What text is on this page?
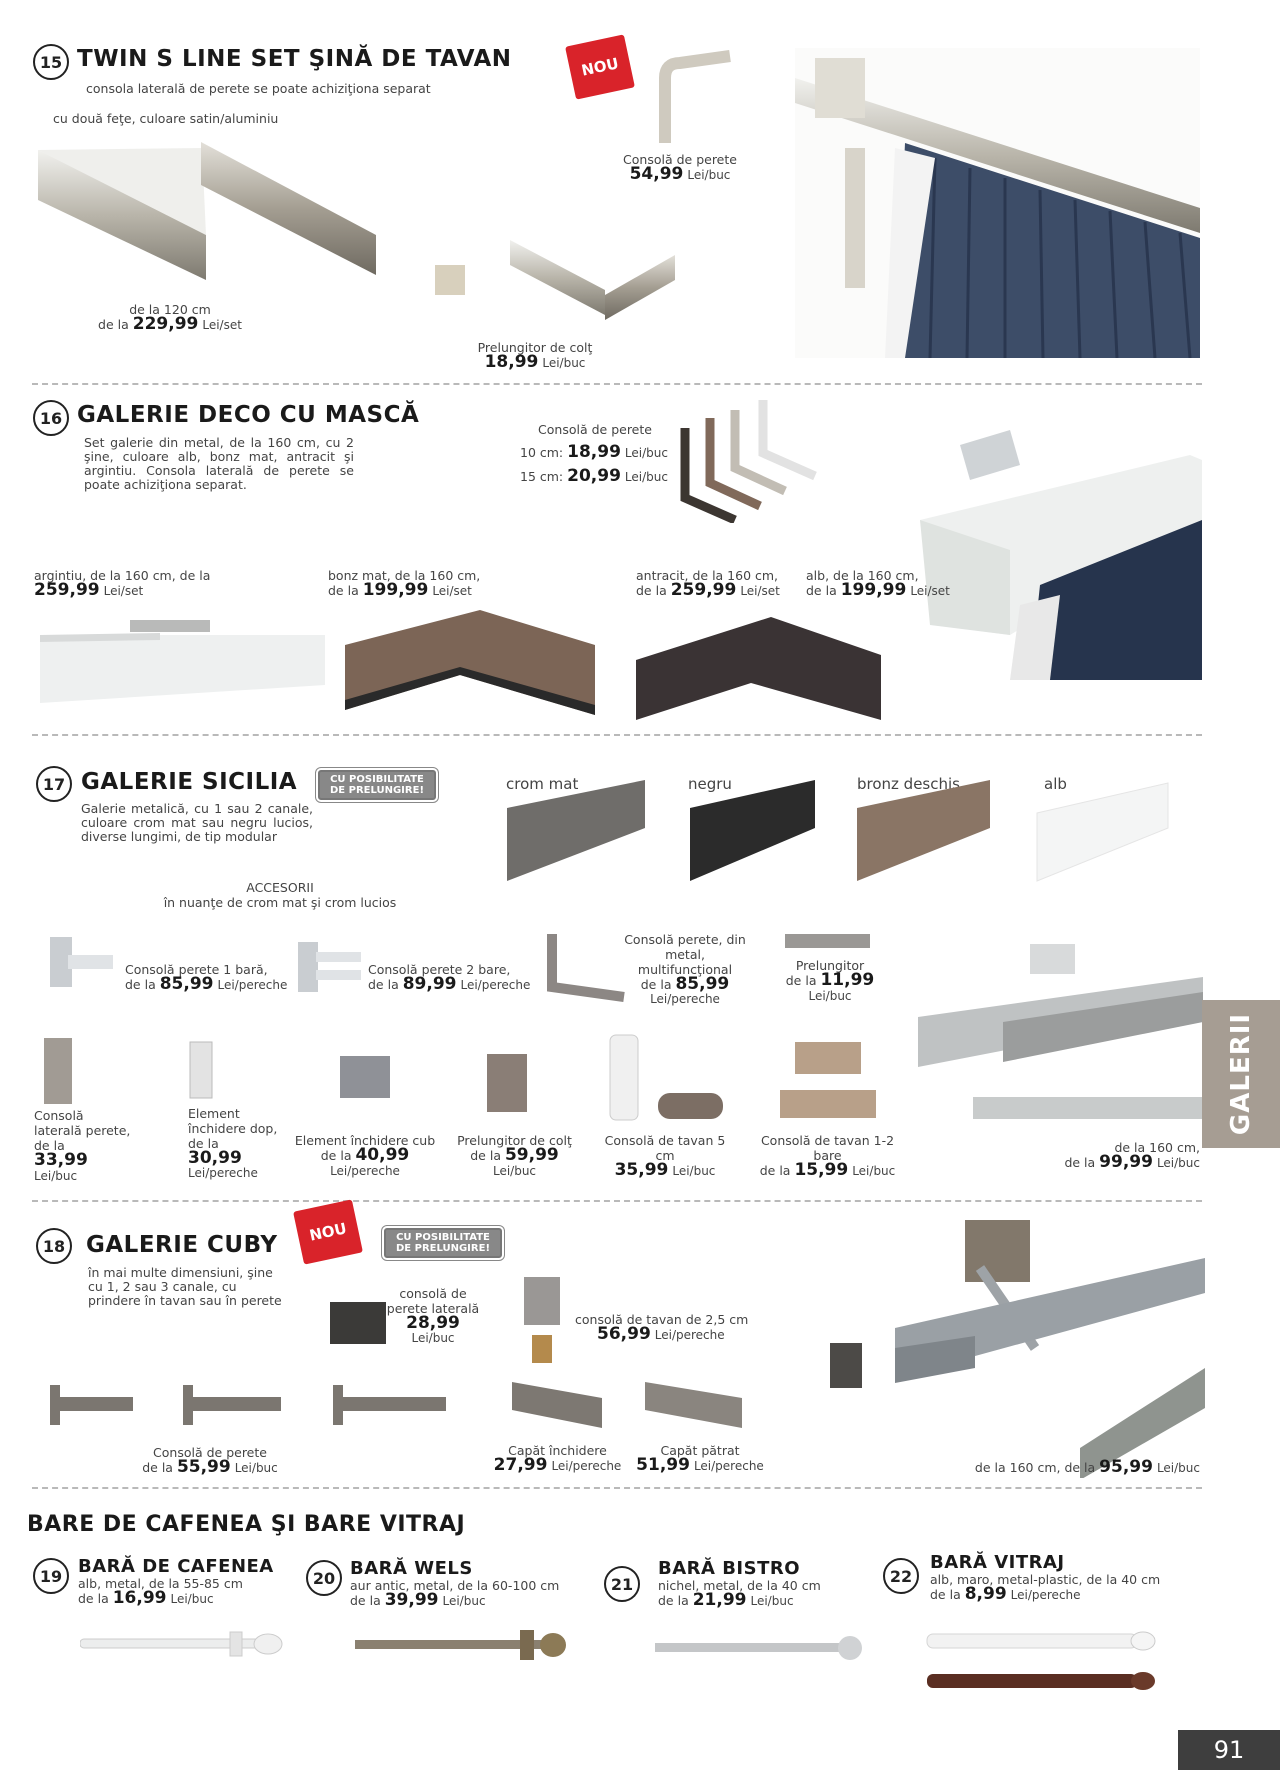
15 TWIN S LINE SET ŞINĂ DE TAVAN
consola laterală de perete se poate achiziţiona separat
cu două feţe, culoare satin/aluminiu
NOU
de la 120 cm
de la 229,99 Lei/set
Consolă de perete
54,99 Lei/buc
Prelungitor de colţ
18,99 Lei/buc
16 GALERIE DECO CU MASCĂ
Set galerie din metal, de la 160 cm, cu 2 şine, culoare alb, bonz mat, antracit şi argintiu. Consola laterală de perete se poate achiziţiona separat.
Consolă de perete
10 cm: 18,99 Lei/buc
15 cm: 20,99 Lei/buc
argintiu, de la 160 cm, de la
259,99 Lei/set
bonz mat, de la 160 cm,
de la 199,99 Lei/set
antracit, de la 160 cm,
de la 259,99 Lei/set
alb, de la 160 cm,
de la 199,99 Lei/set
17 GALERIE SICILIA	CU POSIBILITATE DE PRELUNGIRE!
Galerie metalică, cu 1 sau 2 canale, culoare crom mat sau negru lucios, diverse lungimi, de tip modular
crom mat	negru	bronz deschis	alb
ACCESORII
în nuanţe de crom mat şi crom lucios
Consolă perete 1 bară,
de la 85,99 Lei/pereche
Consolă perete 2 bare,
de la 89,99 Lei/pereche
Consolă perete, din metal, multifuncţional
de la 85,99
Lei/pereche
Prelungitor
de la 11,99 Lei/buc
Consolă laterală perete, de la
33,99 Lei/buc
Element închidere dop, de la
30,99
Lei/pereche
Element închidere cub
de la 40,99 Lei/pereche
Prelungitor de colţ
de la 59,99 Lei/buc
Consolă de tavan 5 cm
35,99 Lei/buc
Consolă de tavan 1-2 bare
de la 15,99 Lei/buc
de la 160 cm,
de la 99,99 Lei/buc
GALERII
NOU
18 GALERIE CUBY	CU POSIBILITATE DE PRELUNGIRE!
în mai multe dimensiuni, şine cu 1, 2 sau 3 canale, cu prindere în tavan sau în perete	consolă de perete laterală
28,99
Lei/buc
consolă de tavan de 2,5 cm
56,99 Lei/pereche
Consolă de perete
de la 55,99 Lei/buc
Capăt închidere
27,99 Lei/pereche
Capăt pătrat
51,99 Lei/pereche	de la 160 cm, de la 95,99 Lei/buc
BARE DE CAFENEA ŞI BARE VITRAJ
19 BARĂ DE CAFENEA
alb, metal, de la 55-85 cm
de la 16,99 Lei/buc
20 BARĂ WELS
aur antic, metal, de la 60-100 cm
de la 39,99 Lei/buc
21
BARĂ BISTRO
nichel, metal, de la 40 cm
de la 21,99 Lei/buc
22
BARĂ VITRAJ
alb, maro, metal-plastic, de la 40 cm
de la 8,99 Lei/pereche
91
